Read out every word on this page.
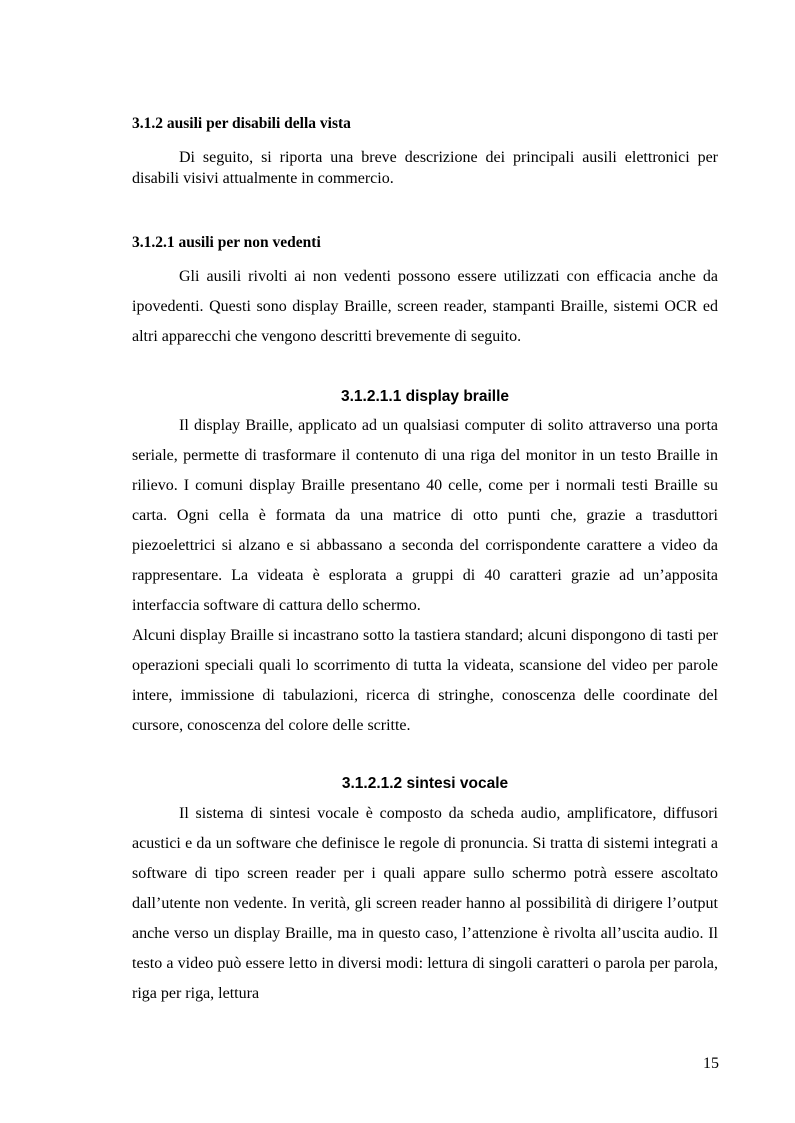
3.1.2 ausili per disabili della vista

Di seguito, si riporta una breve descrizione dei principali ausili elettronici per disabili visivi attualmente in commercio.

3.1.2.1 ausili per non vedenti

Gli ausili rivolti ai non vedenti possono essere utilizzati con efficacia anche da ipovedenti. Questi sono display Braille, screen reader, stampanti Braille, sistemi OCR ed altri apparecchi che vengono descritti brevemente di seguito.

3.1.2.1.1 display braille

Il display Braille, applicato ad un qualsiasi computer di solito attraverso una porta seriale, permette di trasformare il contenuto di una riga del monitor in un testo Braille in rilievo. I comuni display Braille presentano 40 celle, come per i normali testi Braille su carta. Ogni cella è formata da una matrice di otto punti che, grazie a trasduttori piezoelettrici si alzano e si abbassano a seconda del corrispondente carattere a video da rappresentare. La videata è esplorata a gruppi di 40 caratteri grazie ad un’apposita interfaccia software di cattura dello schermo.

Alcuni display Braille si incastrano sotto la tastiera standard; alcuni dispongono di tasti per operazioni speciali quali lo scorrimento di tutta la videata, scansione del video per parole intere, immissione di tabulazioni, ricerca di stringhe, conoscenza delle coordinate del cursore, conoscenza del colore delle scritte.

3.1.2.1.2 sintesi vocale

Il sistema di sintesi vocale è composto da scheda audio, amplificatore, diffusori acustici e da un software che definisce le regole di pronuncia. Si tratta di sistemi integrati a software di tipo screen reader per i quali appare sullo schermo potrà essere ascoltato dall’utente non vedente. In verità, gli screen reader hanno al possibilità di dirigere l’output anche verso un display Braille, ma in questo caso, l’attenzione è rivolta all’uscita audio. Il testo a video può essere letto in diversi modi: lettura di singoli caratteri o parola per parola, riga per riga, lettura

15
